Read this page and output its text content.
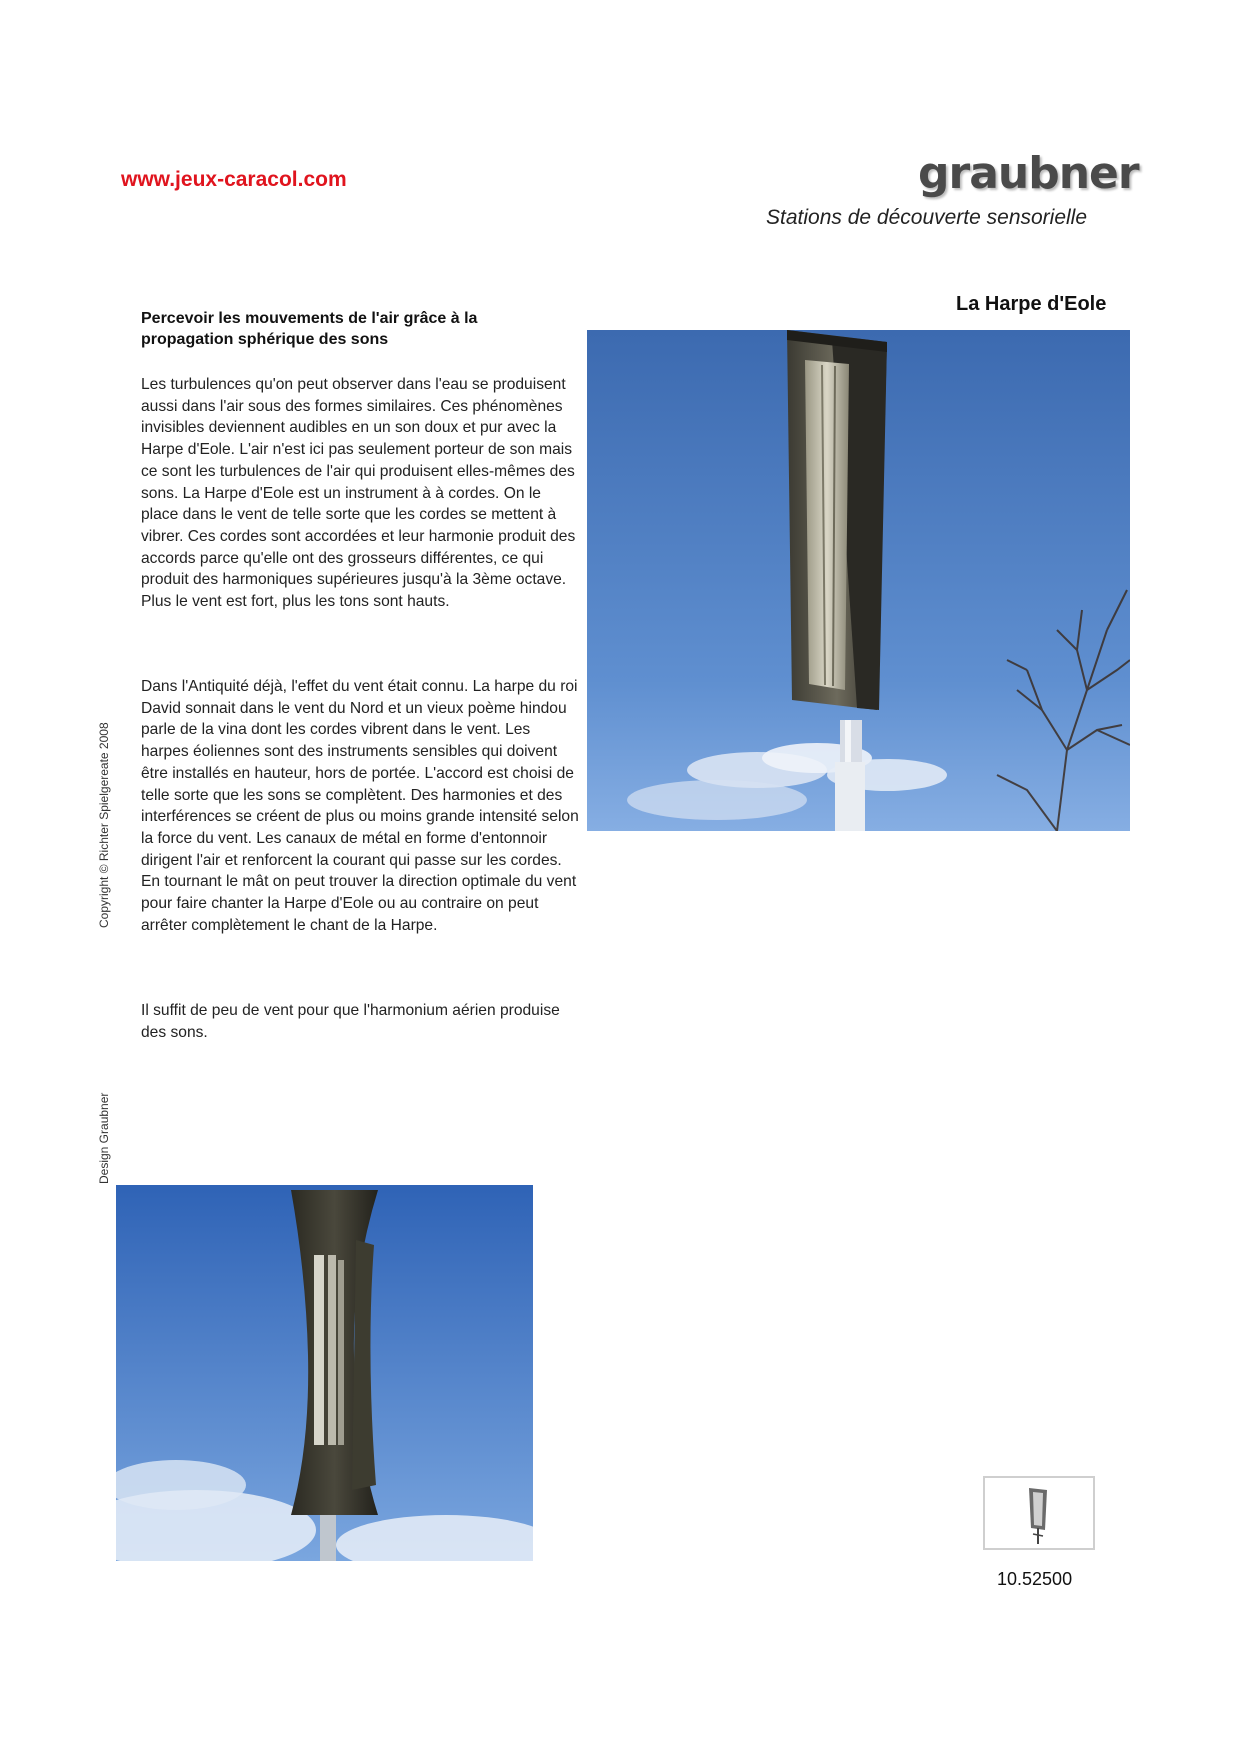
www.jeux-caracol.com	graubner
Stations de découverte sensorielle
La Harpe d'Eole
Percevoir les mouvements de l'air grâce à la propagation sphérique des sons
Les turbulences qu'on peut observer dans l'eau se produisent aussi dans l'air sous des formes similaires. Ces phénomènes invisibles deviennent audibles en un son doux et pur avec la Harpe d'Eole. L'air n'est ici pas seulement porteur de son mais ce sont les turbulences de l'air qui produisent elles-mêmes des sons. La Harpe d'Eole est un instrument à à cordes. On le place dans le vent de telle sorte que les cordes se mettent à vibrer. Ces cordes sont accordées et leur harmonie produit des accords parce qu'elle ont des grosseurs différentes, ce qui produit des harmoniques supérieures jusqu'à la 3ème octave. Plus le vent est fort, plus les tons sont hauts.
Dans l'Antiquité déjà, l'effet du vent était connu. La harpe du roi David sonnait dans le vent du Nord et un vieux poème hindou parle de la vina dont les cordes vibrent dans le vent. Les harpes éoliennes sont des instruments sensibles qui doivent être installés en hauteur, hors de portée. L'accord est choisi de telle sorte que les sons se complètent. Des harmonies et des interférences se créent de plus ou moins grande intensité selon la force du vent. Les canaux de métal en forme d'entonnoir dirigent l'air et renforcent la courant qui passe sur les cordes. En tournant le mât on peut trouver la direction optimale du vent pour faire chanter la Harpe d'Eole ou au contraire on peut arrêter complètement le chant de la Harpe.
Il suffit de peu de vent pour que l'harmonium aérien produise des sons.
Copyright © Richter Spielgereate 2008
Design Graubner
10.52500
